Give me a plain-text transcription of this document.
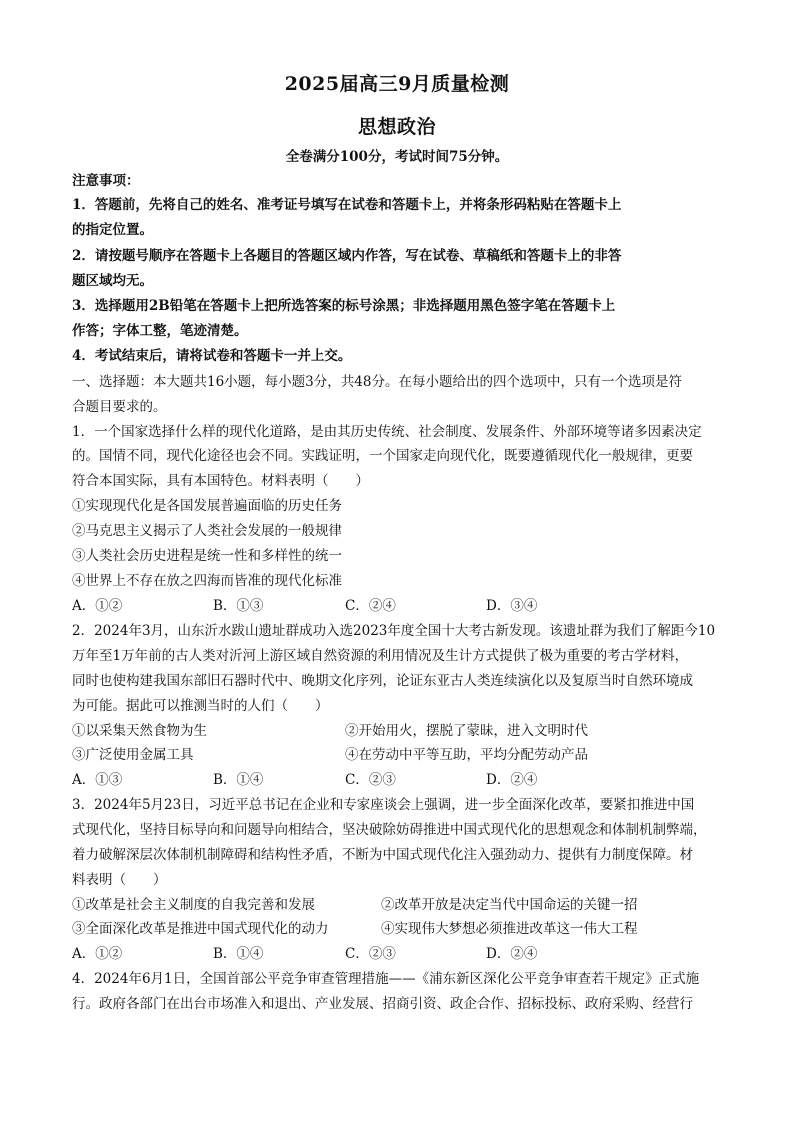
2025届高三9月质量检测
思想政治
全卷满分100分，考试时间75分钟。
注意事项：
1．答题前，先将自己的姓名、准考证号填写在试卷和答题卡上，并将条形码粘贴在答题卡上
的指定位置。
2．请按题号顺序在答题卡上各题目的答题区域内作答，写在试卷、草稿纸和答题卡上的非答
题区域均无。
3．选择题用2B铅笔在答题卡上把所选答案的标号涂黑；非选择题用黑色签字笔在答题卡上
作答；字体工整，笔迹清楚。
4．考试结束后，请将试卷和答题卡一并上交。
一、选择题：本大题共16小题，每小题3分，共48分。在每小题给出的四个选项中，只有一个选项是符
合题目要求的。
1．一个国家选择什么样的现代化道路，是由其历史传统、社会制度、发展条件、外部环境等诸多因素决定
的。国情不同，现代化途径也会不同。实践证明，一个国家走向现代化，既要遵循现代化一般规律，更要
符合本国实际，具有本国特色。材料表明（　　）
①实现现代化是各国发展普遍面临的历史任务
②马克思主义揭示了人类社会发展的一般规律
③人类社会历史进程是统一性和多样性的统一
④世界上不存在放之四海而皆准的现代化标准
A．①②	B．①③	C．②④	D．③④
2．2024年3月，山东沂水跋山遗址群成功入选2023年度全国十大考古新发现。该遗址群为我们了解距今10
万年至1万年前的古人类对沂河上游区域自然资源的利用情况及生计方式提供了极为重要的考古学材料，
同时也使构建我国东部旧石器时代中、晚期文化序列，论证东亚古人类连续演化以及复原当时自然环境成
为可能。据此可以推测当时的人们（　　）
①以采集天然食物为生	②开始用火，摆脱了蒙昧，进入文明时代
③广泛使用金属工具	④在劳动中平等互助，平均分配劳动产品
A．①③	B．①④	C．②③	D．②④
3．2024年5月23日，习近平总书记在企业和专家座谈会上强调，进一步全面深化改革，要紧扣推进中国
式现代化，坚持目标导向和问题导向相结合，坚决破除妨碍推进中国式现代化的思想观念和体制机制弊端，
着力破解深层次体制机制障碍和结构性矛盾，不断为中国式现代化注入强劲动力、提供有力制度保障。材
料表明（　　）
①改革是社会主义制度的自我完善和发展	②改革开放是决定当代中国命运的关键一招
③全面深化改革是推进中国式现代化的动力	④实现伟大梦想必须推进改革这一伟大工程
A．①②	B．①④	C．②③	D．②④
4．2024年6月1日，全国首部公平竞争审查管理措施——《浦东新区深化公平竞争审查若干规定》正式施
行。政府各部门在出台市场准入和退出、产业发展、招商引资、政企合作、招标投标、政府采购、经营行
